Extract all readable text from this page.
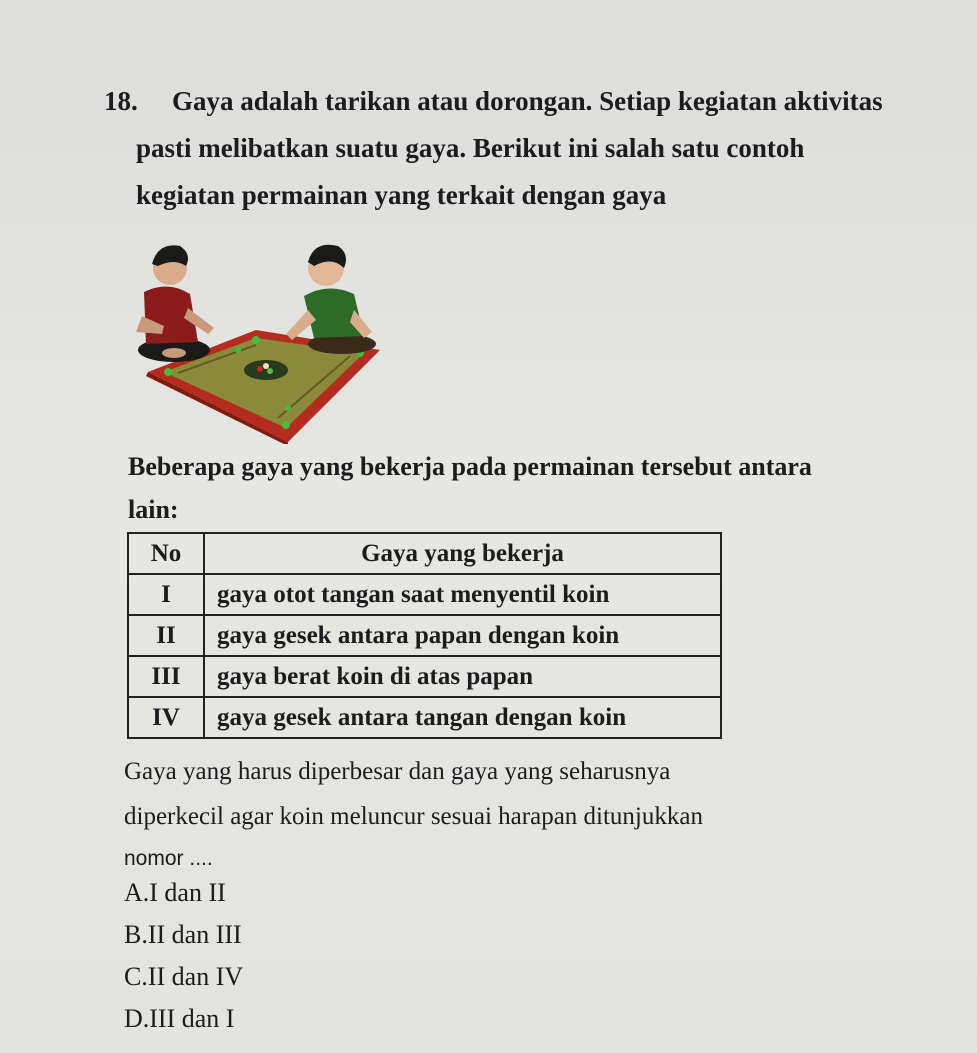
18.	Gaya adalah tarikan atau dorongan. Setiap kegiatan aktivitas
pasti melibatkan suatu gaya. Berikut ini salah satu contoh
kegiatan permainan yang terkait dengan gaya
Beberapa gaya yang bekerja pada permainan tersebut antara
lain:
No	Gaya yang bekerja
I	gaya otot tangan saat menyentil koin
II	gaya gesek antara papan dengan koin
III	gaya berat koin di atas papan
IV	gaya gesek antara tangan dengan koin
Gaya yang harus diperbesar dan gaya yang seharusnya
diperkecil agar koin meluncur sesuai harapan ditunjukkan
nomor ....
A.I dan II
B.II dan III
C.II dan IV
D.III dan I
